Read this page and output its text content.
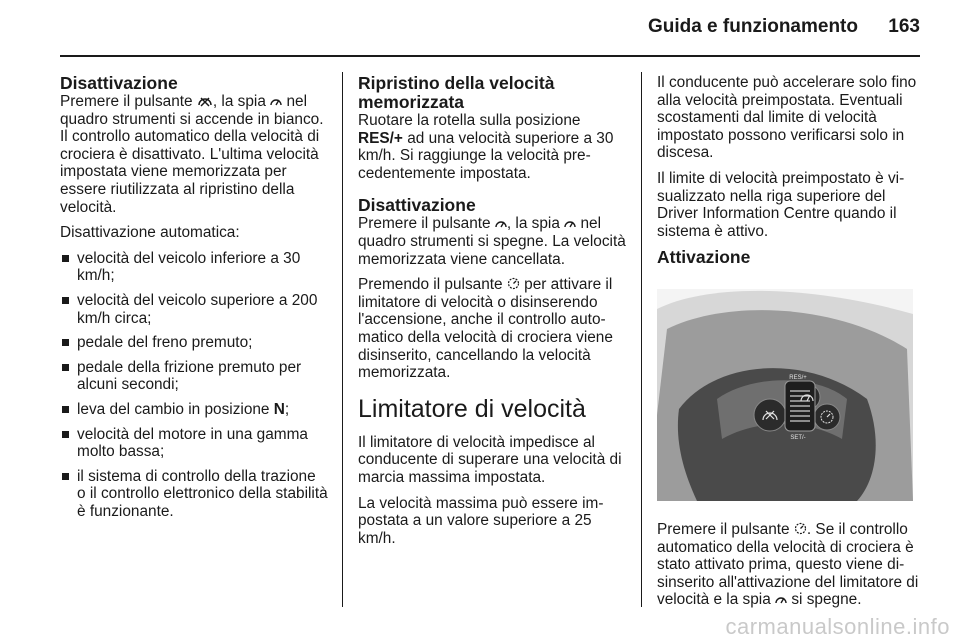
Guida e funzionamento 163
Disattivazione

Premere il pulsante , la spia  nel quadro strumenti si accende in bianco. Il controllo automatico della velocità di crociera è disattivato. L'ultima velocità impostata viene memorizzata per essere riutilizzata al ripristino della velocità.

Disattivazione automatica:

velocità del veicolo inferiore a 30 km/h;
velocità del veicolo superiore a 200 km/h circa;
pedale del freno premuto;
pedale della frizione premuto per alcuni secondi;
leva del cambio in posizione N;
velocità del motore in una gamma molto bassa;
il sistema di controllo della trazione o il controllo elettronico della stabilità è funzionante.
Ripristino della velocità memorizzata

Ruotare la rotella sulla posizione RES/+ ad una velocità superiore a 30 km/h. Si raggiunge la velocità precedentemente impostata.

Disattivazione

Premere il pulsante , la spia  nel quadro strumenti si spegne. La velocità memorizzata viene cancellata.

Premendo il pulsante  per attivare il limitatore di velocità o disinserendo l'accensione, anche il controllo automatico della velocità di crociera viene disinserito, cancellando la velocità memorizzata.

Limitatore di velocità

Il limitatore di velocità impedisce al conducente di superare una velocità di marcia massima impostata.

La velocità massima può essere impostata a un valore superiore a 25 km/h.

Il conducente può accelerare solo fino alla velocità preimpostata. Eventuali scostamenti dal limite di velocità impostato possono verificarsi solo in discesa.

Il limite di velocità preimpostato è visualizzato nella riga superiore del Driver Information Centre quando il sistema è attivo.

Attivazione
RES/+
SET/-

Premere il pulsante . Se il controllo automatico della velocità di crociera è stato attivato prima, questo viene disinserito all'attivazione del limitatore di velocità e la spia  si spegne.

carmanualsonline.info
